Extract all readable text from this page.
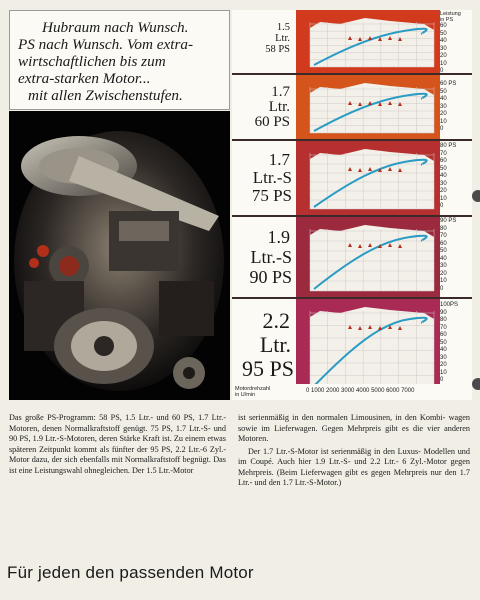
Hubraum nach Wunsch.
PS nach Wunsch. Vom extra-
wirtschaftlichen bis zum
extra-starken Motor...
mit allen Zwischenstufen.
1.5
Ltr.
58 PS
Leistung
in PS
60
50
40
30
20
10
0
1.7
Ltr.
60 PS
60 PS
50
40
30
20
10
0
1.7
Ltr.-S
75 PS
80 PS
70
60
50
40
30
20
10
0
1.9
Ltr.-S
90 PS
90 PS
80
70
60
50
40
30
20
10
0
2.2
Ltr.
95 PS
100PS
90
80
70
60
50
40
30
20
10
0
Motordrehzahl
in U/min
0 1000 2000 3000 4000 5000 6000 7000

Das große PS-Programm: 58 PS, 1.5 Ltr.- und 60 PS, 1.7 Ltr.-Motoren, denen Normalkraftstoff genügt. 75 PS, 1.7 Ltr.-S- und 90 PS, 1.9 Ltr.-S-Motoren, deren Stärke Kraft ist. Zu einem etwas späteren Zeitpunkt kommt als fünfter der 95 PS, 2.2 Ltr.-6 Zyl.-Motor dazu, der sich ebenfalls mit Normalkraftstoff begnügt. Das ist eine Leistungswahl ohnegleichen. Der 1.5 Ltr.-Motor

ist serienmäßig in den normalen Limousinen, in den Kombi- wagen sowie im Lieferwagen. Gegen Mehrpreis gibt es die vier anderen Motoren.

Der 1.7 Ltr.-S-Motor ist serienmäßig in den Luxus- Modellen und im Coupé. Auch hier 1.9 Ltr.-S- und 2.2 Ltr.- 6 Zyl.-Motor gegen Mehrpreis. (Beim Lieferwagen gibt es gegen Mehrpreis nur den 1.7 Ltr.- und den 1.7 Ltr.-S-Motor.)

Für jeden den passenden Motor
